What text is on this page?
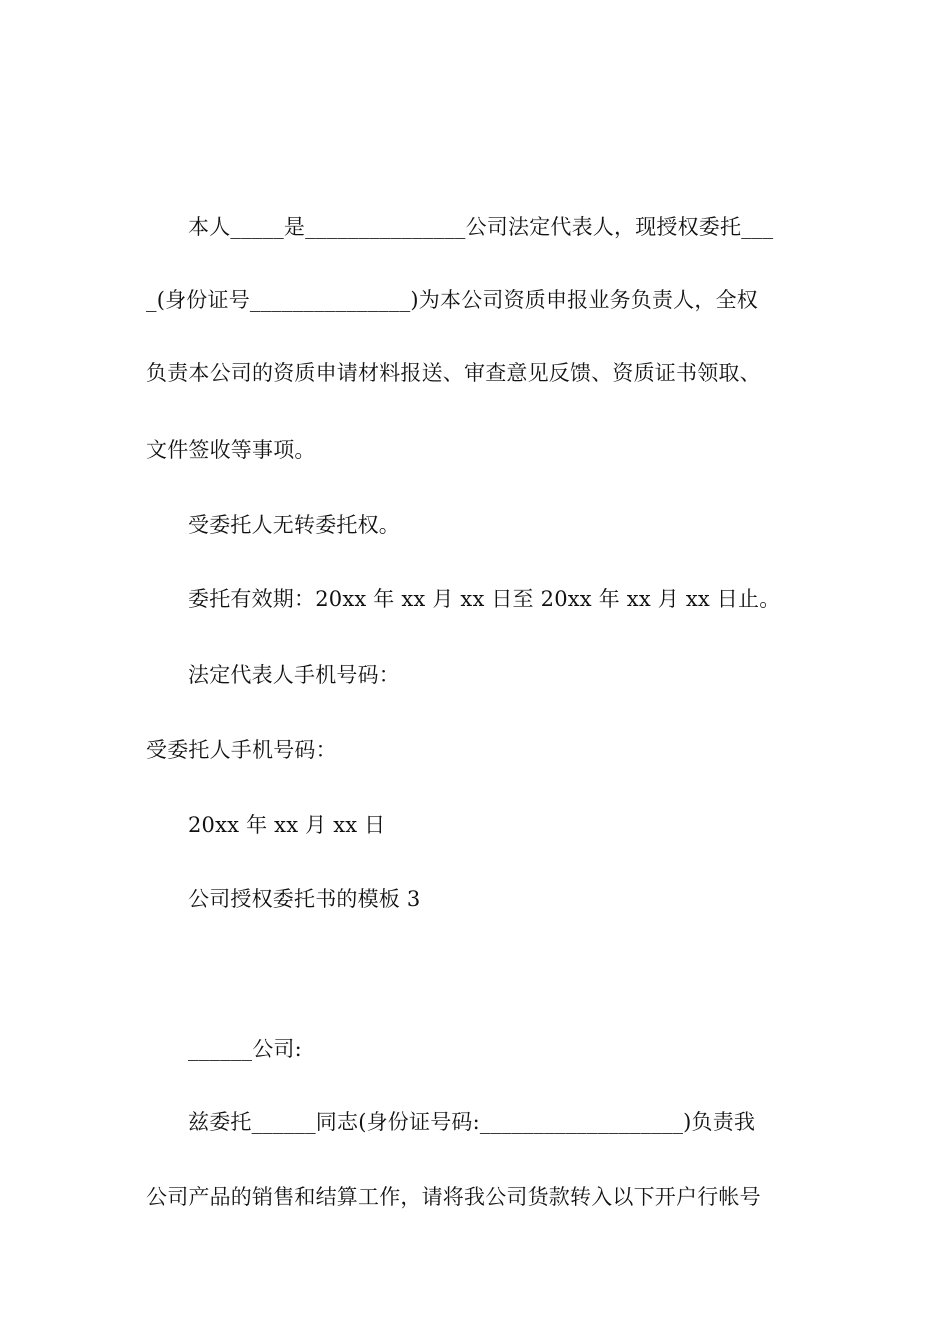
本人_____是_______________公司法定代表人，现授权委托___
_(身份证号_______________)为本公司资质申报业务负责人，全权
负责本公司的资质申请材料报送、审查意见反馈、资质证书领取、
文件签收等事项。
受委托人无转委托权。
委托有效期：20xx 年 xx 月 xx 日至 20xx 年 xx 月 xx 日止。
法定代表人手机号码：
受委托人手机号码：
20xx 年 xx 月 xx 日
公司授权委托书的模板 3
______公司:
兹委托______同志(身份证号码:___________________)负责我
公司产品的销售和结算工作，请将我公司货款转入以下开户行帐号
